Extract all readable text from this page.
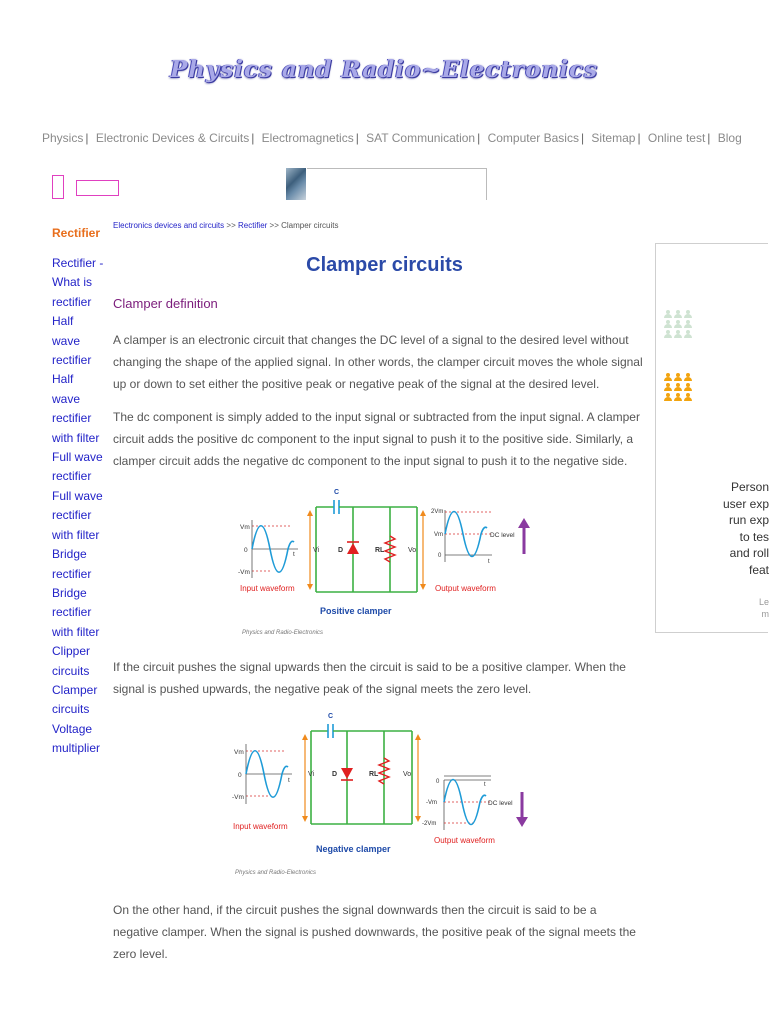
Physics and Radio~Electronics
Physics | Electronic Devices & Circuits | Electromagnetics | SAT Communication | Computer Basics | Sitemap | Online test | Blog
Rectifier
Rectifier - What is rectifier
Half wave rectifier
Half wave rectifier with filter
Full wave rectifier
Full wave rectifier with filter
Bridge rectifier
Bridge rectifier with filter
Clipper circuits
Clamper circuits
Voltage multiplier
Electronics devices and circuits >> Rectifier >> Clamper circuits
Clamper circuits
Clamper definition

A clamper is an electronic circuit that changes the DC level of a signal to the desired level without changing the shape of the applied signal. In other words, the clamper circuit moves the whole signal up or down to set either the positive peak or negative peak of the signal at the desired level.

The dc component is simply added to the input signal or subtracted from the input signal. A clamper circuit adds the positive dc component to the input signal to push it to the positive side. Similarly, a clamper circuit adds the negative dc component to the input signal to push it to the negative side.

Vm
0
-Vm
t
Input waveform
C
Vi	D	RL	Vo
Positive clamper
2Vm
Vm
0
t
DC level
Output waveform
Physics and Radio-Electronics

If the circuit pushes the signal upwards then the circuit is said to be a positive clamper. When the signal is pushed upwards, the negative peak of the signal meets the zero level.

Vm
0
-Vm
t
Input waveform
C
Vi	D	RL	Vo
Negative clamper
0	t
-Vm
-2Vm
DC level
Output waveform
Physics and Radio-Electronics

On the other hand, if the circuit pushes the signal downwards then the circuit is said to be a negative clamper. When the signal is pushed downwards, the positive peak of the signal meets the zero level.

Person
user exp
run exp
to tes
and roll
feat
Le
m
